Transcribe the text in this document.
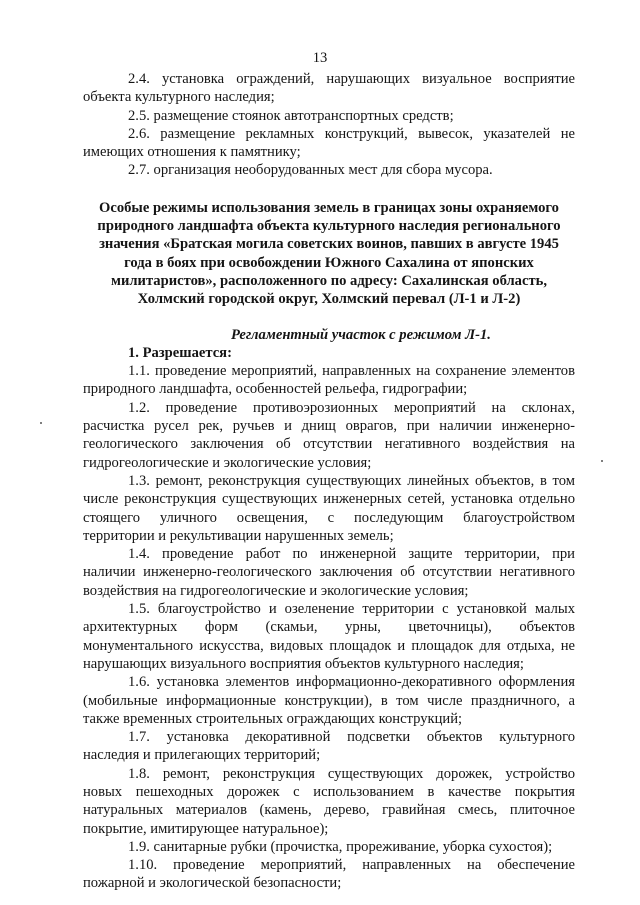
13
2.4. установка ограждений, нарушающих визуальное восприятие
объекта культурного наследия;
2.5. размещение стоянок автотранспортных средств;
2.6. размещение рекламных конструкций, вывесок, указателей не
имеющих отношения к памятнику;
2.7. организация необорудованных мест для сбора мусора.
Особые режимы использования земель в границах зоны охраняемого
природного ландшафта объекта культурного наследия регионального
значения «Братская могила советских воинов, павших в августе 1945
года в боях при освобождении Южного Сахалина от японских
милитаристов», расположенного по адресу: Сахалинская область,
Холмский городской округ, Холмский перевал (Л-1 и Л-2)
Регламентный участок с режимом Л-1.
1. Разрешается:
1.1. проведение мероприятий, направленных на сохранение элементов
природного ландшафта, особенностей рельефа, гидрографии;
1.2. проведение противоэрозионных мероприятий на склонах,
расчистка русел рек, ручьев и днищ оврагов, при наличии инженерно-
геологического заключения об отсутствии негативного воздействия на
гидрогеологические и экологические условия;
1.3. ремонт, реконструкция существующих линейных объектов, в том
числе реконструкция существующих инженерных сетей, установка отдельно
стоящего уличного освещения, с последующим благоустройством
территории и рекультивации нарушенных земель;
1.4. проведение работ по инженерной защите территории, при
наличии инженерно-геологического заключения об отсутствии негативного
воздействия на гидрогеологические и экологические условия;
1.5. благоустройство и озеленение территории с установкой малых
архитектурных форм (скамьи, урны, цветочницы), объектов
монументального искусства, видовых площадок и площадок для отдыха, не
нарушающих визуального восприятия объектов культурного наследия;
1.6. установка элементов информационно-декоративного оформления
(мобильные информационные конструкции), в том числе праздничного, а
также временных строительных ограждающих конструкций;
1.7. установка декоративной подсветки объектов культурного
наследия и прилегающих территорий;
1.8. ремонт, реконструкция существующих дорожек, устройство
новых пешеходных дорожек с использованием в качестве покрытия
натуральных материалов (камень, дерево, гравийная смесь, плиточное
покрытие, имитирующее натуральное);
1.9. санитарные рубки (прочистка, прореживание, уборка сухостоя);
1.10. проведение мероприятий, направленных на обеспечение
пожарной и экологической безопасности;
